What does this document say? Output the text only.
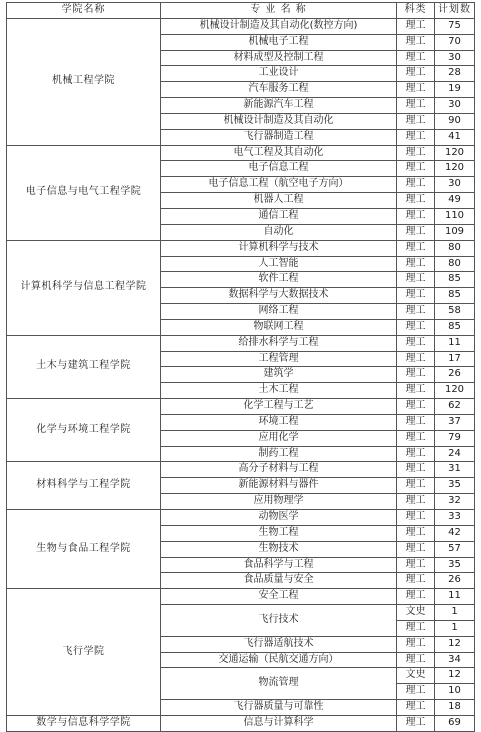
学院名称	专 业 名 称	科类	计划数
机械工程学院	机械设计制造及其自动化(数控方向)	理工	75
	机械电子工程	理工	70
	材料成型及控制工程	理工	30
	工业设计	理工	28
	汽车服务工程	理工	19
	新能源汽车工程	理工	30
	机械设计制造及其自动化	理工	90
	飞行器制造工程	理工	41
电子信息与电气工程学院	电气工程及其自动化	理工	120
	电子信息工程	理工	120
	电子信息工程（航空电子方向）	理工	30
	机器人工程	理工	49
	通信工程	理工	110
	自动化	理工	109
计算机科学与信息工程学院	计算机科学与技术	理工	80
	人工智能	理工	80
	软件工程	理工	85
	数据科学与大数据技术	理工	85
	网络工程	理工	58
	物联网工程	理工	85
土木与建筑工程学院	给排水科学与工程	理工	11
	工程管理	理工	17
	建筑学	理工	26
	土木工程	理工	120
化学与环境工程学院	化学工程与工艺	理工	62
	环境工程	理工	37
	应用化学	理工	79
	制药工程	理工	24
材料科学与工程学院	高分子材料与工程	理工	31
	新能源材料与器件	理工	35
	应用物理学	理工	32
生物与食品工程学院	动物医学	理工	33
	生物工程	理工	42
	生物技术	理工	57
	食品科学与工程	理工	35
	食品质量与安全	理工	26
飞行学院	安全工程	理工	11
	飞行技术	文史	1
		理工	1
	飞行器适航技术	理工	12
	交通运输（民航交通方向）	理工	34
	物流管理	文史	12
		理工	10
	飞行器质量与可靠性	理工	18
数学与信息科学学院	信息与计算科学	理工	69
